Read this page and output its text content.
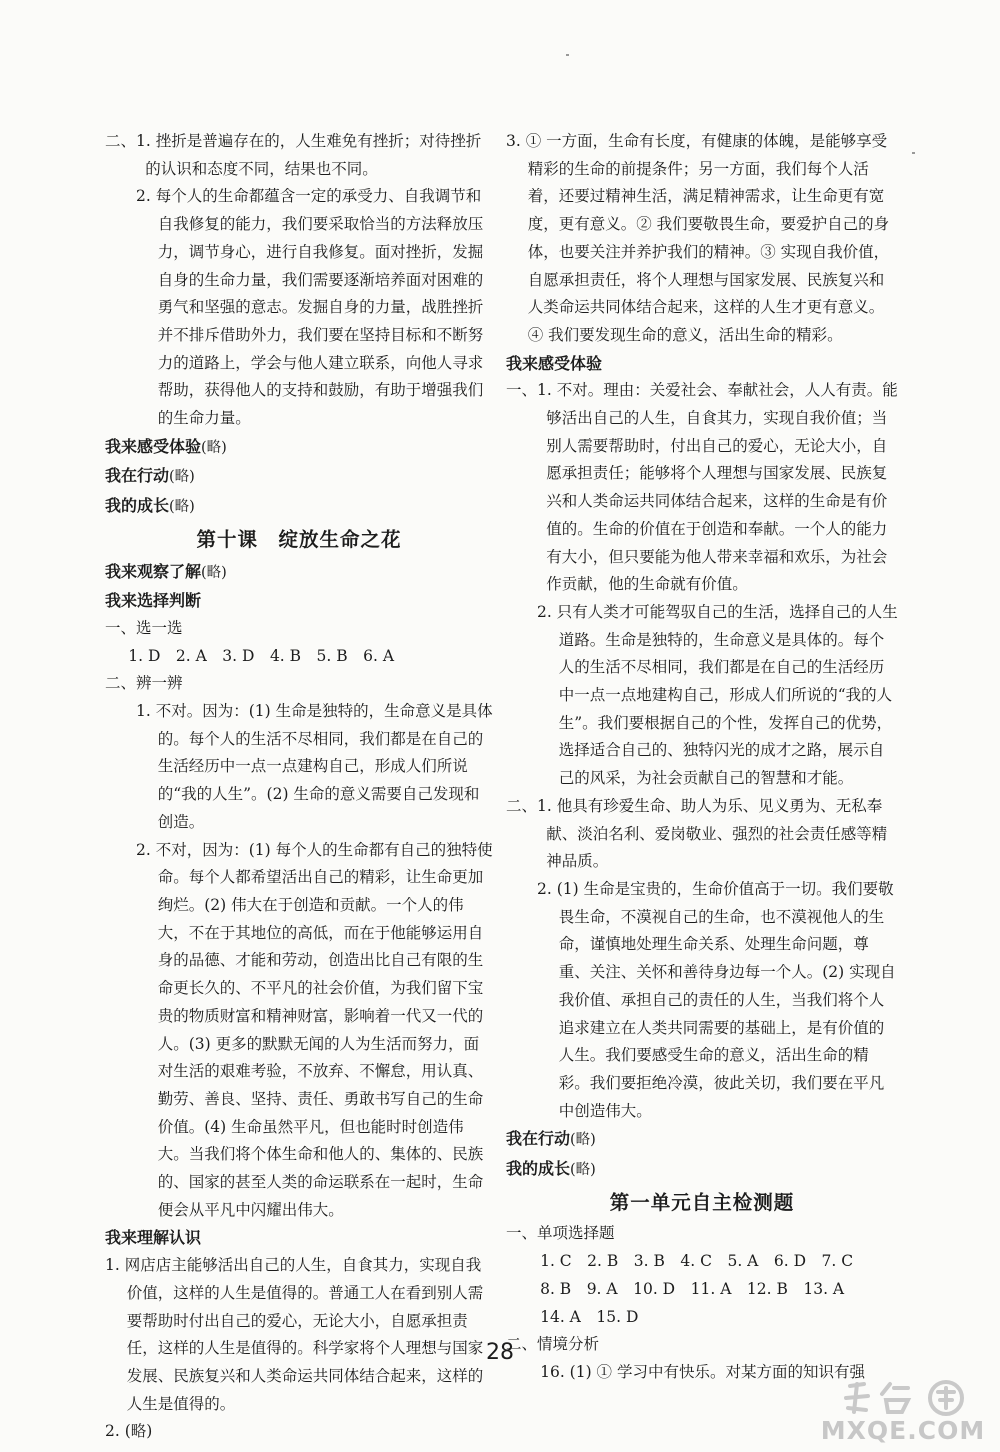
二、1. 挫折是普遍存在的，人生难免有挫折；对待挫折的认识和态度不同，结果也不同。

2. 每个人的生命都蕴含一定的承受力、自我调节和自我修复的能力，我们要采取恰当的方法释放压力，调节身心，进行自我修复。面对挫折，发掘自身的生命力量，我们需要逐渐培养面对困难的勇气和坚强的意志。发掘自身的力量，战胜挫折并不排斥借助外力，我们要在坚持目标和不断努力的道路上，学会与他人建立联系，向他人寻求帮助，获得他人的支持和鼓励，有助于增强我们的生命力量。

我来感受体验(略)

我在行动(略)

我的成长(略)

第十课　绽放生命之花

我来观察了解(略)

我来选择判断

一、选一选

1. D　2. A　3. D　4. B　5. B　6. A

二、辨一辨

1. 不对。因为：(1) 生命是独特的，生命意义是具体的。每个人的生活不尽相同，我们都是在自己的生活经历中一点一点建构自己，形成人们所说的“我的人生”。(2) 生命的意义需要自己发现和创造。

2. 不对，因为：(1) 每个人的生命都有自己的独特使命。每个人都希望活出自己的精彩，让生命更加绚烂。(2) 伟大在于创造和贡献。一个人的伟大，不在于其地位的高低，而在于他能够运用自身的品德、才能和劳动，创造出比自己有限的生命更长久的、不平凡的社会价值，为我们留下宝贵的物质财富和精神财富，影响着一代又一代的人。(3) 更多的默默无闻的人为生活而努力，面对生活的艰难考验，不放弃、不懈怠，用认真、勤劳、善良、坚持、责任、勇敢书写自己的生命价值。(4) 生命虽然平凡，但也能时时创造伟大。当我们将个体生命和他人的、集体的、民族的、国家的甚至人类的命运联系在一起时，生命便会从平凡中闪耀出伟大。

我来理解认识

1. 网店店主能够活出自己的人生，自食其力，实现自我价值，这样的人生是值得的。普通工人在看到别人需要帮助时付出自己的爱心，无论大小，自愿承担责任，这样的人生是值得的。科学家将个人理想与国家发展、民族复兴和人类命运共同体结合起来，这样的人生是值得的。

2. (略)

3. ① 一方面，生命有长度，有健康的体魄，是能够享受精彩的生命的前提条件；另一方面，我们每个人活着，还要过精神生活，满足精神需求，让生命更有宽度，更有意义。② 我们要敬畏生命，要爱护自己的身体，也要关注并养护我们的精神。③ 实现自我价值，自愿承担责任，将个人理想与国家发展、民族复兴和人类命运共同体结合起来，这样的人生才更有意义。④ 我们要发现生命的意义，活出生命的精彩。

我来感受体验

一、1. 不对。理由：关爱社会、奉献社会，人人有责。能够活出自己的人生，自食其力，实现自我价值；当别人需要帮助时，付出自己的爱心，无论大小，自愿承担责任；能够将个人理想与国家发展、民族复兴和人类命运共同体结合起来，这样的生命是有价值的。生命的价值在于创造和奉献。一个人的能力有大小，但只要能为他人带来幸福和欢乐，为社会作贡献，他的生命就有价值。

2. 只有人类才可能驾驭自己的生活，选择自己的人生道路。生命是独特的，生命意义是具体的。每个人的生活不尽相同，我们都是在自己的生活经历中一点一点地建构自己，形成人们所说的“我的人生”。我们要根据自己的个性，发挥自己的优势，选择适合自己的、独特闪光的成才之路，展示自己的风采，为社会贡献自己的智慧和才能。

二、1. 他具有珍爱生命、助人为乐、见义勇为、无私奉献、淡泊名利、爱岗敬业、强烈的社会责任感等精神品质。

2. (1) 生命是宝贵的，生命价值高于一切。我们要敬畏生命，不漠视自己的生命，也不漠视他人的生命，谨慎地处理生命关系、处理生命问题，尊重、关注、关怀和善待身边每一个人。(2) 实现自我价值、承担自己的责任的人生，当我们将个人追求建立在人类共同需要的基础上，是有价值的人生。我们要感受生命的意义，活出生命的精彩。我们要拒绝冷漠，彼此关切，我们要在平凡中创造伟大。

我在行动(略)

我的成长(略)

第一单元自主检测题

一、单项选择题

1. C　2. B　3. B　4. C　5. A　6. D　7. C

8. B　9. A　10. D　11. A　12. B　13. A

14. A　15. D

二、情境分析

16. (1) ① 学习中有快乐。对某方面的知识有强

28
MXQE.COM
